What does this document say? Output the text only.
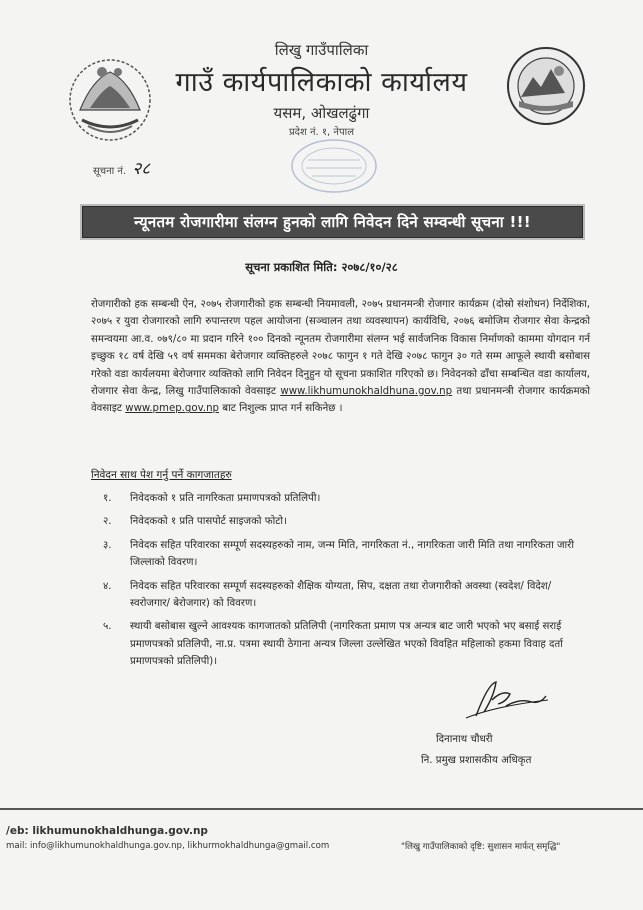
लिखु गाउँपालिका
गाउँ कार्यपालिकाको कार्यालय
यसम, ओखलढुंगा
प्रदेश नं. १, नेपाल
सूचना नं. २८
न्यूनतम रोजगारीमा संलग्न हुनको लागि निवेदन दिने सम्वन्धी सूचना !!!
सूचना प्रकाशित मिति: २०७८/१०/२८
रोजगारीको हक सम्बन्धी ऐन, २०७५ रोजगारीको हक सम्बन्धी नियमावली, २०७५ प्रधानमन्त्री रोजगार कार्यक्रम (दोस्रो संशोधन) निर्देशिका, २०७५ र युवा रोजगारको लागि रुपान्तरण पहल आयोजना (सञ्चालन तथा व्यवस्थापन) कार्यविधि, २०७६ बमोजिम रोजगार सेवा केन्द्रको समन्वयमा आ.व. ०७९/८० मा प्रदान गरिने १०० दिनको न्यूनतम रोजगारीमा संलग्न भई सार्वजनिक विकास निर्माणको काममा योगदान गर्न इच्छुक १८ वर्ष देखि ५९ वर्ष सममका बेरोजगार व्यक्तिहरुले २०७८ फागुन १ गते देखि २०७८ फागुन ३० गते सम्म आफूले स्थायी बसोबास गरेको वडा कार्यलयमा बेरोजगार व्यक्तिको लागि निवेदन दिनुहुन यो सूचना प्रकाशित गरिएको छ। निवेदनको ढाँचा सम्बन्धित वडा कार्यालय, रोजगार सेवा केन्द्र, लिखु गाउँपालिकाको वेवसाइट www.likhumunokhaldhuna.gov.np तथा प्रधानमन्त्री रोजगार कार्यक्रमको वेवसाइट www.pmep.gov.np बाट निशुल्क प्राप्त गर्न सकिनेछ ।
निवेदन साथ पेश गर्नु पर्ने कागजातहरु
१.	निवेदकको १ प्रति नागरिकता प्रमाणपत्रको प्रतिलिपी।
२.	निवेदकको १ प्रति पासपोर्ट साइजको फोटो।
३.	निवेदक सहित परिवारका सम्पूर्ण सदस्यहरुको नाम, जन्म मिति, नागरिकता नं., नागरिकता जारी मिति तथा नागरिकता जारी जिल्लाको विवरण।
४.	निवेदक सहित परिवारका सम्पूर्ण सदस्यहरुको शैक्षिक योग्यता, सिप, दक्षता तथा रोजगारीको अवस्था (स्वदेश/ विदेश/ स्वरोजगार/ बेरोजगार) को विवरण।
५.	स्थायी बसोबास खुल्ने आवश्यक कागजातको प्रतिलिपी (नागरिकता प्रमाण पत्र अन्यत्र बाट जारी भएको भए बसाई सराई प्रमाणपत्रको प्रतिलिपी, ना.प्र. पत्रमा स्थायी ठेगाना अन्यत्र जिल्ला उल्लेखित भएको विवहित महिलाको हकमा विवाह दर्ता प्रमाणपत्रको प्रतिलिपी)।
दिनानाथ चौधरी
नि. प्रमुख प्रशासकीय अधिकृत
/eb: likhumunokhaldhunga.gov.np
mail: info@likhumunokhaldhunga.gov.np, likhurmokhaldhunga@gmail.com	"लिखु गाउँपालिकाको दृष्टि: सुशासन मार्फत् समृद्धि"
